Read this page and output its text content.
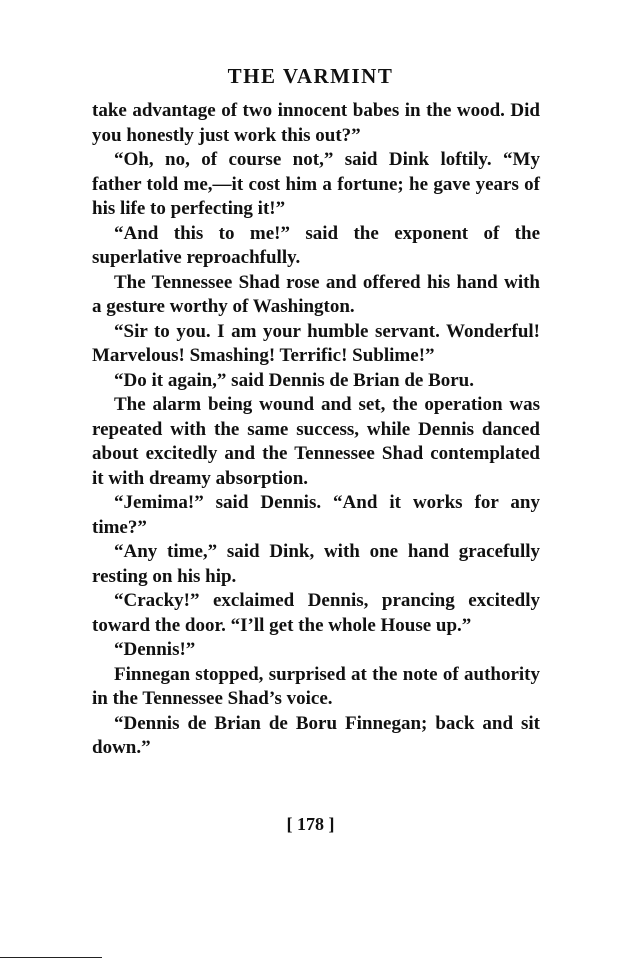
THE VARMINT

take advantage of two innocent babes in the wood. Did you honestly just work this out?”

“Oh, no, of course not,” said Dink loftily. “My father told me,—it cost him a fortune; he gave years of his life to perfecting it!”

“And this to me!” said the exponent of the superlative reproachfully.

The Tennessee Shad rose and offered his hand with a gesture worthy of Washington.

“Sir to you. I am your humble servant. Wonderful! Marvelous! Smashing! Terrific! Sublime!”

“Do it again,” said Dennis de Brian de Boru.

The alarm being wound and set, the operation was repeated with the same success, while Dennis danced about excitedly and the Tennessee Shad contemplated it with dreamy absorption.

“Jemima!” said Dennis. “And it works for any time?”

“Any time,” said Dink, with one hand gracefully resting on his hip.

“Cracky!” exclaimed Dennis, prancing excitedly toward the door. “I’ll get the whole House up.”

“Dennis!”

Finnegan stopped, surprised at the note of authority in the Tennessee Shad’s voice.

“Dennis de Brian de Boru Finnegan; back and sit down.”

[ 178 ]
